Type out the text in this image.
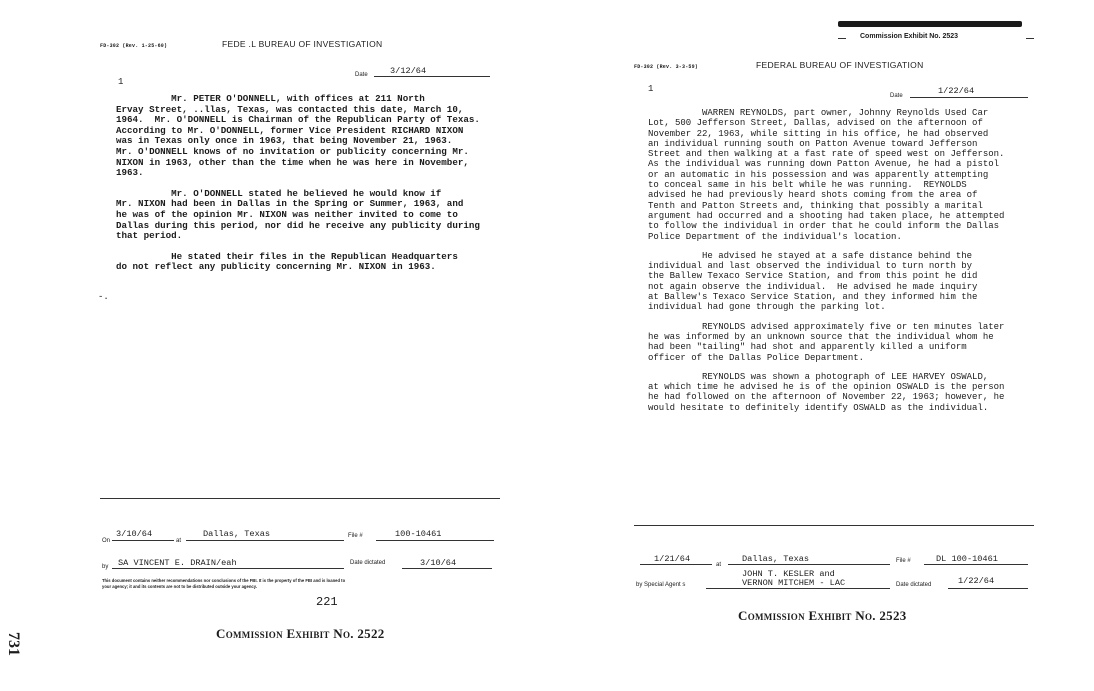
FD-302 (Rev. 1-25-60)	FEDE .L BUREAU OF INVESTIGATION
1
Date	3/12/64

Mr. PETER O'DONNELL, with offices at 211 North

Ervay Street, ..llas, Texas, was contacted this date, March 10,

1964.  Mr. O'DONNELL is Chairman of the Republican Party of Texas.

According to Mr. O'DONNELL, former Vice President RICHARD NIXON

was in Texas only once in 1963, that being November 21, 1963.

Mr. O'DONNELL knows of no invitation or publicity concerning Mr.

NIXON in 1963, other than the time when he was here in November,

1963.

Mr. O'DONNELL stated he believed he would know if

Mr. NIXON had been in Dallas in the Spring or Summer, 1963, and

he was of the opinion Mr. NIXON was neither invited to come to

Dallas during this period, nor did he receive any publicity during

that period.

He stated their files in the Republican Headquarters

do not reflect any publicity concerning Mr. NIXON in 1963.

-.
On
3/10/64
at
Dallas, Texas	File #	100-10461
by SA VINCENT E. DRAIN/eah	Date dictated	3/10/64
This document contains neither recommendations nor conclusions of the FBI. It is the property of the FBI and is loaned to
your agency; it and its contents are not to be distributed outside your agency.
221
Commission Exhibit No. 2522
731
Commission Exhibit No. 2523
FD-302 (Rev. 3-3-59)	FEDERAL BUREAU OF INVESTIGATION
1
Date	1/22/64

WARREN REYNOLDS, part owner, Johnny Reynolds Used Car

Lot, 500 Jefferson Street, Dallas, advised on the afternoon of

November 22, 1963, while sitting in his office, he had observed

an individual running south on Patton Avenue toward Jefferson

Street and then walking at a fast rate of speed west on Jefferson.

As the individual was running down Patton Avenue, he had a pistol

or an automatic in his possession and was apparently attempting

to conceal same in his belt while he was running.  REYNOLDS

advised he had previously heard shots coming from the area of

Tenth and Patton Streets and, thinking that possibly a marital

argument had occurred and a shooting had taken place, he attempted

to follow the individual in order that he could inform the Dallas

Police Department of the individual's location.

He advised he stayed at a safe distance behind the

individual and last observed the individual to turn north by

the Ballew Texaco Service Station, and from this point he did

not again observe the individual.  He advised he made inquiry

at Ballew's Texaco Service Station, and they informed him the

individual had gone through the parking lot.

REYNOLDS advised approximately five or ten minutes later

he was informed by an unknown source that the individual whom he

had been "tailing" had shot and apparently killed a uniform

officer of the Dallas Police Department.

REYNOLDS was shown a photograph of LEE HARVEY OSWALD,

at which time he advised he is of the opinion OSWALD is the person

he had followed on the afternoon of November 22, 1963; however, he

would hesitate to definitely identify OSWALD as the individual.

1/21/64
at
Dallas, Texas	File #	DL 100-10461
by Special Agent s
JOHN T. KESLER and
VERNON MITCHEM - LAC	Date dictated	1/22/64
Commission Exhibit No. 2523
